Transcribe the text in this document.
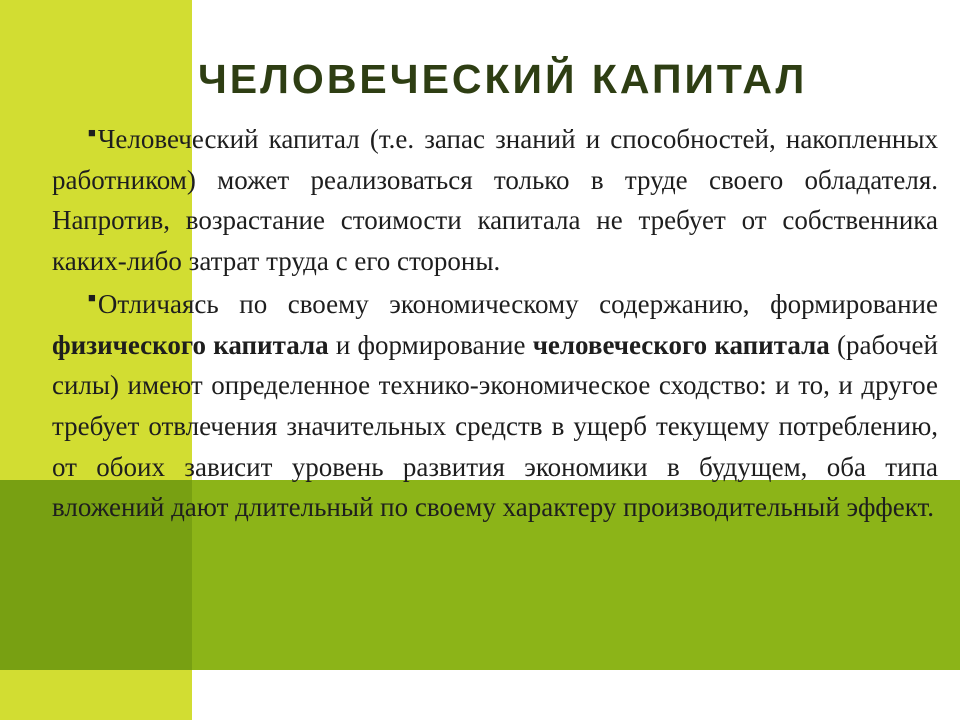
ЧЕЛОВЕЧЕСКИЙ КАПИТАЛ

■Человеческий капитал (т.е. запас знаний и способностей, накопленных работником) может реализоваться только в труде своего обладателя. Напротив, возрастание стоимости капитала не требует от собственника каких-либо затрат труда с его стороны.

■Отличаясь по своему экономическому содержанию, формирование физического капитала и формирование человеческого капитала (рабочей силы) имеют определенное технико-экономическое сходство: и то, и другое требует отвлечения значительных средств в ущерб текущему потреблению, от обоих зависит уровень развития экономики в будущем, оба типа вложений дают длительный по своему характеру производительный эффект.
